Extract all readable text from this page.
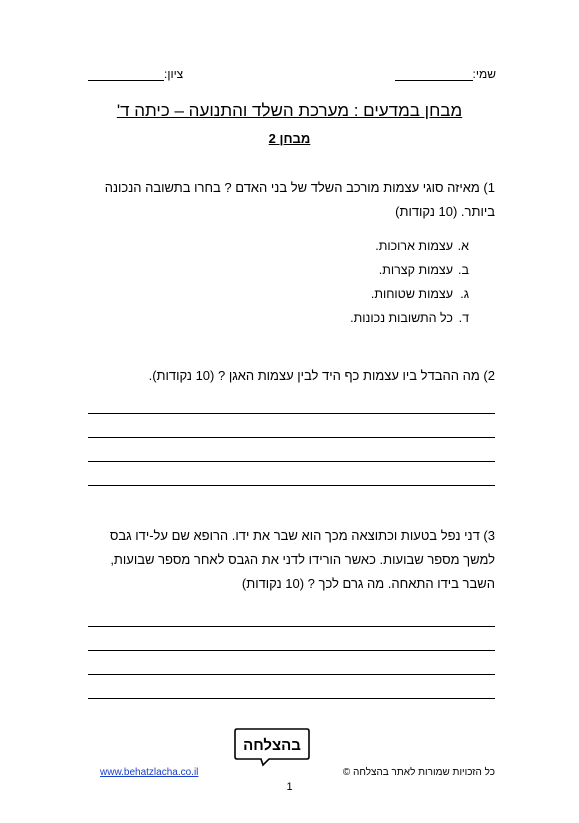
שמי:
ציון:
מבחן במדעים : מערכת השלד והתנועה – כיתה ד'
מבחן 2
1) מאיזה סוגי עצמות מורכב השלד של בני האדם ? בחרו בתשובה הנכונה ביותר. (10 נקודות)
א.
עצמות ארוכות.
ב.
עצמות קצרות.
ג.
עצמות שטוחות.
ד.
כל התשובות נכונות.
2) מה ההבדל ביו עצמות כף היד לבין עצמות האגן ? (10 נקודות).
3) דני נפל בטעות וכתוצאה מכך הוא שבר את ידו. הרופא שם על-ידו גבס למשך מספר שבועות. כאשר הורידו לדני את הגבס לאחר מספר שבועות, השבר בידו התאחה. מה גרם לכך ? (10 נקודות)
בהצלחה
www.behatzlacha.co.il	כל הזכויות שמורות לאתר בהצלחה ©
1
